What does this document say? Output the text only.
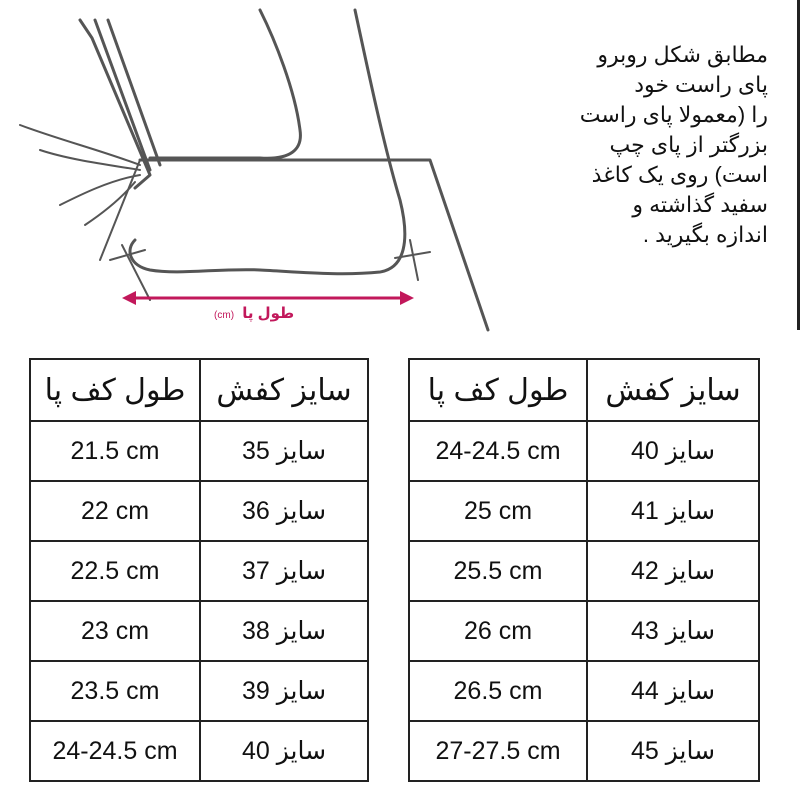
طول پا (cm)
مطابق شکل روبرو
پای راست خود
را (معمولا پای راست
بزرگتر از پای چپ
است) روی یک کاغذ
سفید گذاشته و
اندازه بگیرید .
طول کف پا	سایز کفش
21.5 cm	سایز 35
22 cm	سایز 36
22.5 cm	سایز 37
23 cm	سایز 38
23.5 cm	سایز 39
24-24.5 cm	سایز 40
طول کف پا	سایز کفش
24-24.5 cm	سایز 40
25 cm	سایز 41
25.5 cm	سایز 42
26 cm	سایز 43
26.5 cm	سایز 44
27-27.5 cm	سایز 45
